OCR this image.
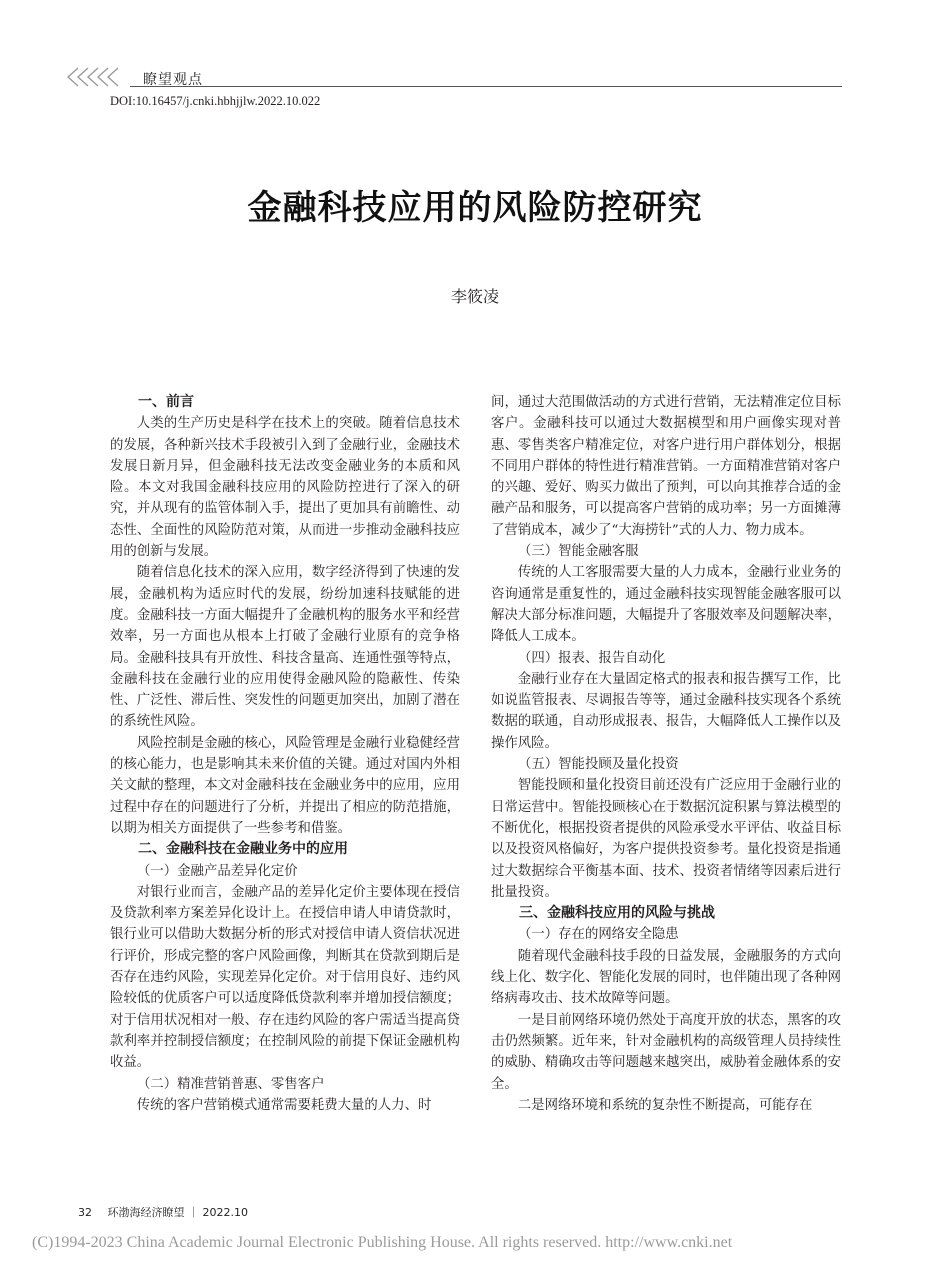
瞭望观点
DOI:10.16457/j.cnki.hbhjjlw.2022.10.022
金融科技应用的风险防控研究
李筱凌
一、前言

人类的生产历史是科学在技术上的突破。随着信息技术的发展，各种新兴技术手段被引入到了金融行业，金融技术发展日新月异，但金融科技无法改变金融业务的本质和风险。本文对我国金融科技应用的风险防控进行了深入的研究，并从现有的监管体制入手，提出了更加具有前瞻性、动态性、全面性的风险防范对策，从而进一步推动金融科技应用的创新与发展。

随着信息化技术的深入应用，数字经济得到了快速的发展，金融机构为适应时代的发展，纷纷加速科技赋能的进度。金融科技一方面大幅提升了金融机构的服务水平和经营效率，另一方面也从根本上打破了金融行业原有的竞争格局。金融科技具有开放性、科技含量高、连通性强等特点，金融科技在金融行业的应用使得金融风险的隐蔽性、传染性、广泛性、滞后性、突发性的问题更加突出，加剧了潜在的系统性风险。

风险控制是金融的核心，风险管理是金融行业稳健经营的核心能力，也是影响其未来价值的关键。通过对国内外相关文献的整理，本文对金融科技在金融业务中的应用，应用过程中存在的问题进行了分析，并提出了相应的防范措施，以期为相关方面提供了一些参考和借鉴。

二、金融科技在金融业务中的应用
（一）金融产品差异化定价

对银行业而言，金融产品的差异化定价主要体现在授信及贷款利率方案差异化设计上。在授信申请人申请贷款时，银行业可以借助大数据分析的形式对授信申请人资信状况进行评价，形成完整的客户风险画像，判断其在贷款到期后是否存在违约风险，实现差异化定价。对于信用良好、违约风险较低的优质客户可以适度降低贷款利率并增加授信额度；对于信用状况相对一般、存在违约风险的客户需适当提高贷款利率并控制授信额度；在控制风险的前提下保证金融机构收益。

（二）精准营销普惠、零售客户

传统的客户营销模式通常需要耗费大量的人力、时

间，通过大范围做活动的方式进行营销，无法精准定位目标客户。金融科技可以通过大数据模型和用户画像实现对普惠、零售类客户精准定位，对客户进行用户群体划分，根据不同用户群体的特性进行精准营销。一方面精准营销对客户的兴趣、爱好、购买力做出了预判，可以向其推荐合适的金融产品和服务，可以提高客户营销的成功率；另一方面摊薄了营销成本，减少了“大海捞针”式的人力、物力成本。

（三）智能金融客服

传统的人工客服需要大量的人力成本，金融行业业务的咨询通常是重复性的，通过金融科技实现智能金融客服可以解决大部分标准问题，大幅提升了客服效率及问题解决率，降低人工成本。

（四）报表、报告自动化

金融行业存在大量固定格式的报表和报告撰写工作，比如说监管报表、尽调报告等等，通过金融科技实现各个系统数据的联通，自动形成报表、报告，大幅降低人工操作以及操作风险。

（五）智能投顾及量化投资

智能投顾和量化投资目前还没有广泛应用于金融行业的日常运营中。智能投顾核心在于数据沉淀积累与算法模型的不断优化，根据投资者提供的风险承受水平评估、收益目标以及投资风格偏好，为客户提供投资参考。量化投资是指通过大数据综合平衡基本面、技术、投资者情绪等因素后进行批量投资。

三、金融科技应用的风险与挑战
（一）存在的网络安全隐患

随着现代金融科技手段的日益发展，金融服务的方式向线上化、数字化、智能化发展的同时，也伴随出现了各种网络病毒攻击、技术故障等问题。

一是目前网络环境仍然处于高度开放的状态，黑客的攻击仍然频繁。近年来，针对金融机构的高级管理人员持续性的威胁、精确攻击等问题越来越突出，威胁着金融体系的安全。

二是网络环境和系统的复杂性不断提高，可能存在

32 环渤海经济瞭望 ｜ 2022.10
(C)1994-2023 China Academic Journal Electronic Publishing House. All rights reserved. http://www.cnki.net
